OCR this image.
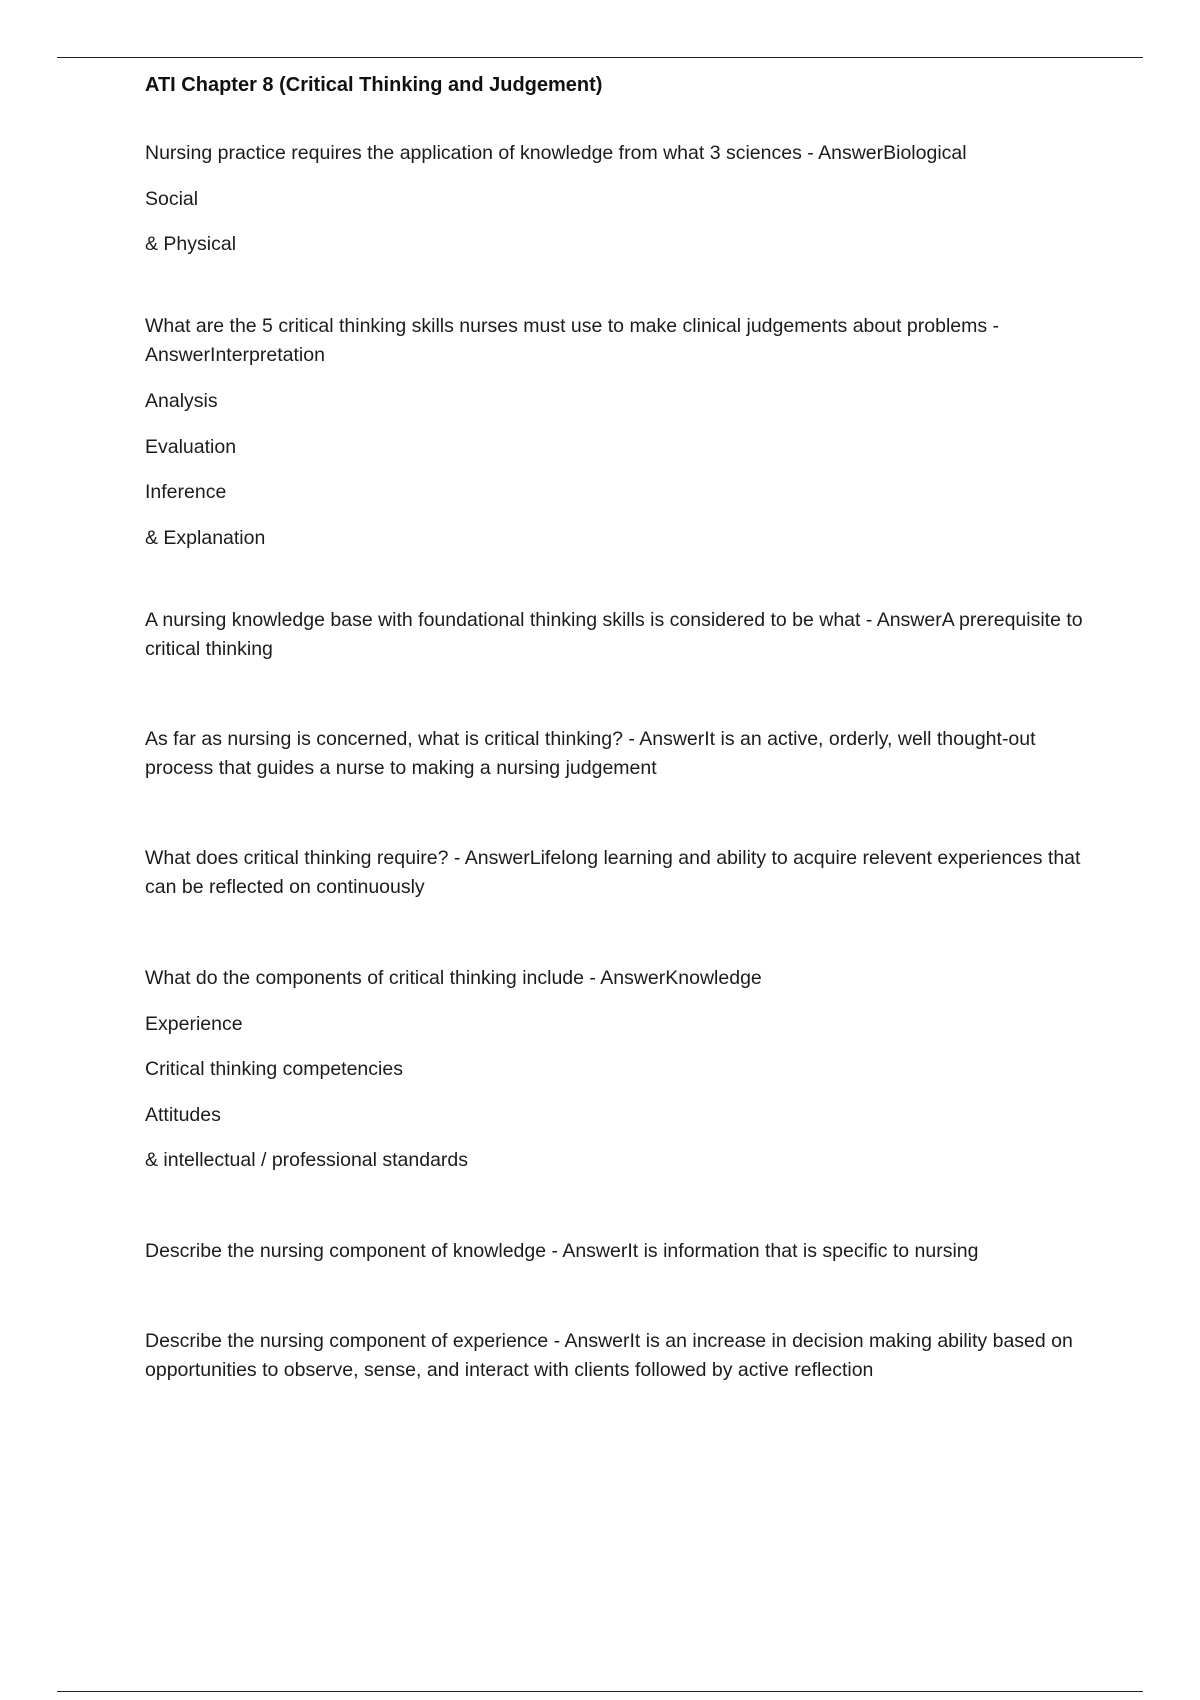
ATI Chapter 8 (Critical Thinking and Judgement)
Nursing practice requires the application of knowledge from what 3 sciences - AnswerBiological
Social
& Physical
What are the 5 critical thinking skills nurses must use to make clinical judgements about problems - AnswerInterpretation
Analysis
Evaluation
Inference
& Explanation
A nursing knowledge base with foundational thinking skills is considered to be what - AnswerA prerequisite to critical thinking
As far as nursing is concerned, what is critical thinking? - AnswerIt is an active, orderly, well thought-out process that guides a nurse to making a nursing judgement
What does critical thinking require? - AnswerLifelong learning and ability to acquire relevent experiences that can be reflected on continuously
What do the components of critical thinking include - AnswerKnowledge
Experience
Critical thinking competencies
Attitudes
& intellectual / professional standards
Describe the nursing component of knowledge - AnswerIt is information that is specific to nursing
Describe the nursing component of experience - AnswerIt is an increase in decision making ability based on opportunities to observe, sense, and interact with clients followed by active reflection
